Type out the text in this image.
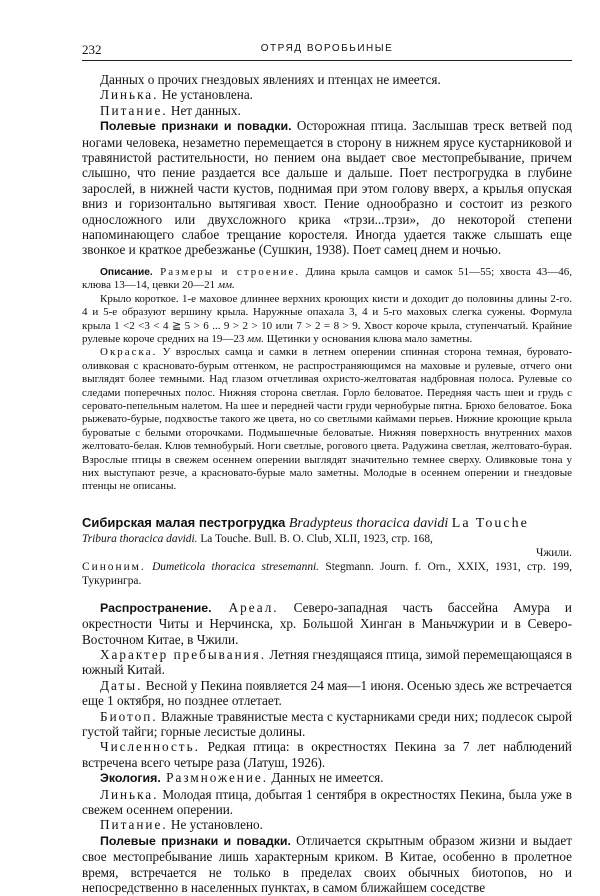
232	ОТРЯД ВОРОБЬИНЫЕ

Данных о прочих гнездовых явлениях и птенцах не имеется.

Линька. Не установлена.

Питание. Нет данных.

Полевые признаки и повадки. Осторожная птица. Заслышав треск ветвей под ногами человека, незаметно перемещается в сторону в нижнем ярусе кустарниковой и травянистой растительности, но пением она выдает свое местопребывание, причем слышно, что пение раздается все дальше и дальше. Поет пестрогрудка в глубине зарослей, в нижней части кустов, поднимая при этом голову вверх, а крылья опуская вниз и горизонтально вытягивая хвост. Пение однообразно и состоит из резкого односложного или двухсложного крика «трзи...трзи», до некоторой степени напоминающего слабое трещание коростеля. Иногда удается также слышать еще звонкое и краткое дребезжанье (Сушкин, 1938). Поет самец днем и ночью.

Описание. Размеры и строение. Длина крыла самцов и самок 51—55; хвоста 43—46, клюва 13—14, цевки 20—21 мм.

Крыло короткое. 1-е маховое длиннее верхних кроющих кисти и доходит до половины длины 2-го. 4 и 5-е образуют вершину крыла. Наружные опахала 3, 4 и 5-го маховых слегка сужены. Формула крыла 1 <2 <3 < 4 ≧ 5 > 6 ... 9 > 2 > 10 или 7 > 2 = 8 > 9. Хвост короче крыла, ступенчатый. Крайние рулевые короче средних на 19—23 мм. Щетинки у основания клюва мало заметны.

Окраска. У взрослых самца и самки в летнем оперении спинная сторона темная, буровато-оливковая с красновато-бурым оттенком, не распространяющимся на маховые и рулевые, отчего они выглядят более темными. Над глазом отчетливая охристо-желтоватая надбровная полоса. Рулевые со следами поперечных полос. Нижняя сторона светлая. Горло беловатое. Передняя часть шеи и грудь с серовато-пепельным налетом. На шее и передней части груди чернобурые пятна. Брюхо беловатое. Бока рыжевато-бурые, подхвостье такого же цвета, но со светлыми каймами перьев. Нижние кроющие крыла буроватые с белыми оторочками. Подмышечные беловатые. Нижняя поверхность внутренних махов желтовато-белая. Клюв темнобурый. Ноги светлые, рогового цвета. Радужина светлая, желтовато-бурая. Взрослые птицы в свежем осеннем оперении выглядят значительно темнее сверху. Оливковые тона у них выступают резче, а красновато-бурые мало заметны. Молодые в осеннем оперении и гнездовые птенцы не описаны.

Сибирская малая пестрогрудка Bradypteus thoracica davidi La Touche

Tribura thoracica davidi. La Touche. Bull. B. O. Club, XLII, 1923, стр. 168,

Чжили.

Синоним. Dumeticola thoracica stresemanni. Stegmann. Journ. f. Orn., XXIX, 1931, стр. 199, Тукурингра.

Распространение. Ареал. Северо-западная часть бассейна Амура и окрестности Читы и Нерчинска, хр. Большой Хинган в Маньчжурии и в Северо-Восточном Китае, в Чжили.

Характер пребывания. Летняя гнездящаяся птица, зимой перемещающаяся в южный Китай.

Даты. Весной у Пекина появляется 24 мая—1 июня. Осенью здесь же встречается еще 1 октября, но позднее отлетает.

Биотоп. Влажные травянистые места с кустарниками среди них; подлесок сырой густой тайги; горные лесистые долины.

Численность. Редкая птица: в окрестностях Пекина за 7 лет наблюдений встречена всего четыре раза (Латуш, 1926).

Экология. Размножение. Данных не имеется.

Линька. Молодая птица, добытая 1 сентября в окрестностях Пекина, была уже в свежем осеннем оперении.

Питание. Не установлено.

Полевые признаки и повадки. Отличается скрытным образом жизни и выдает свое местопребывание лишь характерным криком. В Китае, особенно в пролетное время, встречается не только в пределах своих обычных биотопов, но и непосредственно в населенных пунктах, в самом ближайшем соседстве
